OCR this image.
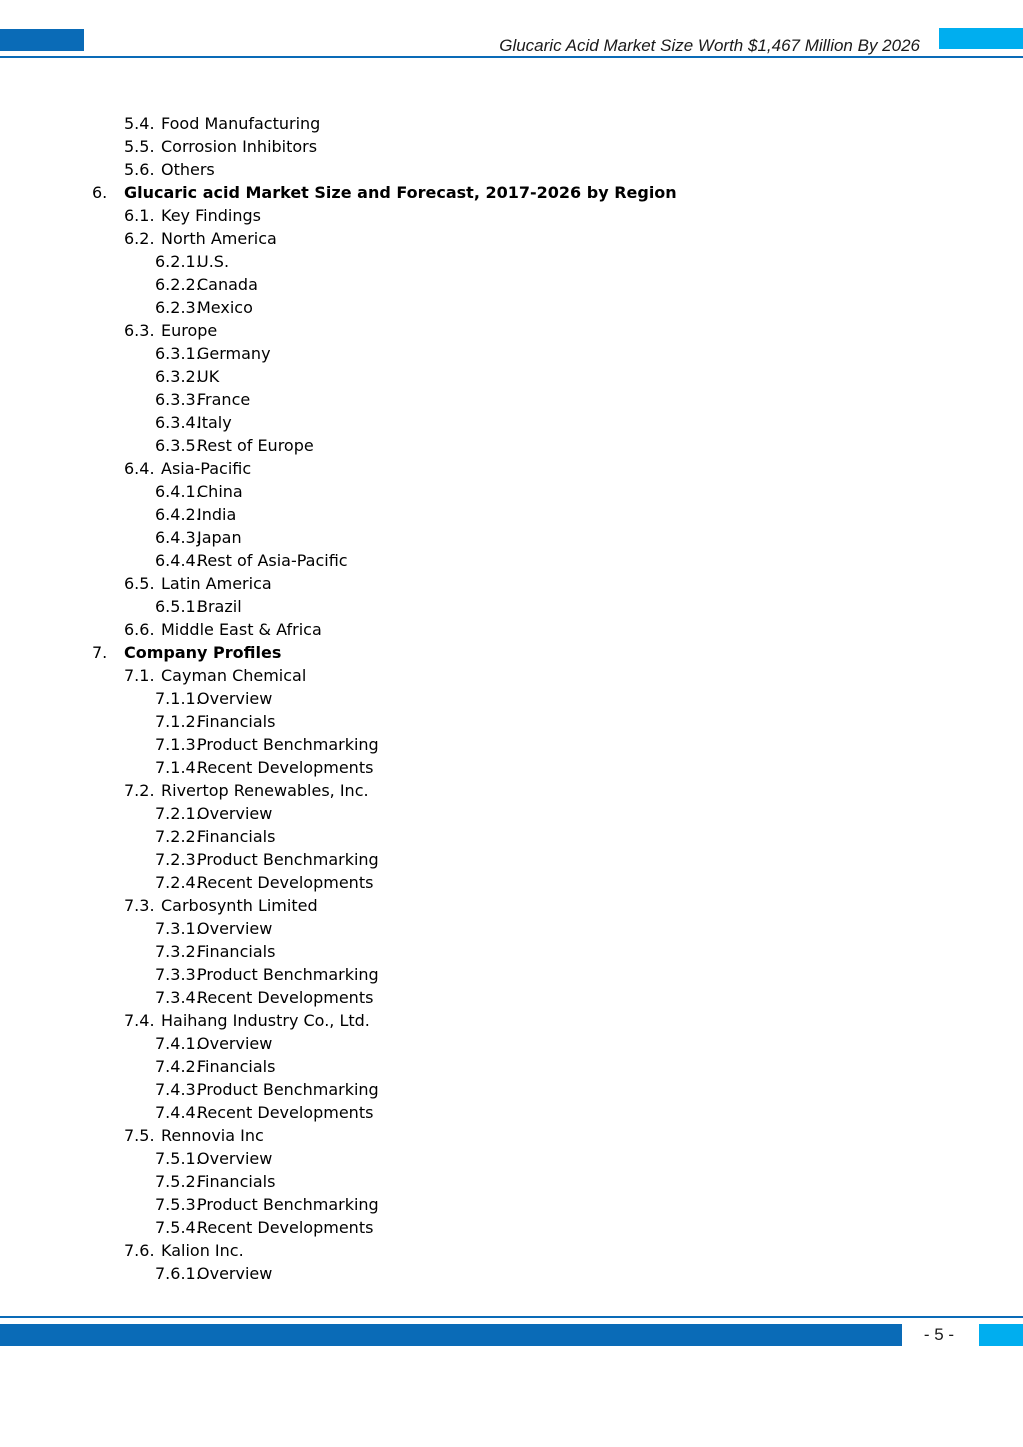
Glucaric Acid Market Size Worth $1,467 Million By 2026
5.4. Food Manufacturing
5.5. Corrosion Inhibitors
5.6. Others
6. Glucaric acid Market Size and Forecast, 2017-2026 by Region
6.1. Key Findings
6.2. North America
6.2.1.
U.S.
6.2.2.
Canada
6.2.3.
Mexico
6.3. Europe
6.3.1.
Germany
6.3.2.
UK
6.3.3.
France
6.3.4.
Italy
6.3.5.
Rest of Europe
6.4. Asia-Pacific
6.4.1.
China
6.4.2.
India
6.4.3.
Japan
6.4.4.
Rest of Asia-Pacific
6.5. Latin America
6.5.1.
Brazil
6.6. Middle East & Africa
7. Company Profiles
7.1. Cayman Chemical
7.1.1.
Overview
7.1.2.
Financials
7.1.3.
Product Benchmarking
7.1.4.
Recent Developments
7.2. Rivertop Renewables, Inc.
7.2.1.
Overview
7.2.2.
Financials
7.2.3.
Product Benchmarking
7.2.4.
Recent Developments
7.3. Carbosynth Limited
7.3.1.
Overview
7.3.2.
Financials
7.3.3.
Product Benchmarking
7.3.4.
Recent Developments
7.4. Haihang Industry Co., Ltd.
7.4.1.
Overview
7.4.2.
Financials
7.4.3.
Product Benchmarking
7.4.4.
Recent Developments
7.5. Rennovia Inc
7.5.1.
Overview
7.5.2.
Financials
7.5.3.
Product Benchmarking
7.5.4.
Recent Developments
7.6. Kalion Inc.
7.6.1.
Overview
- 5 -
